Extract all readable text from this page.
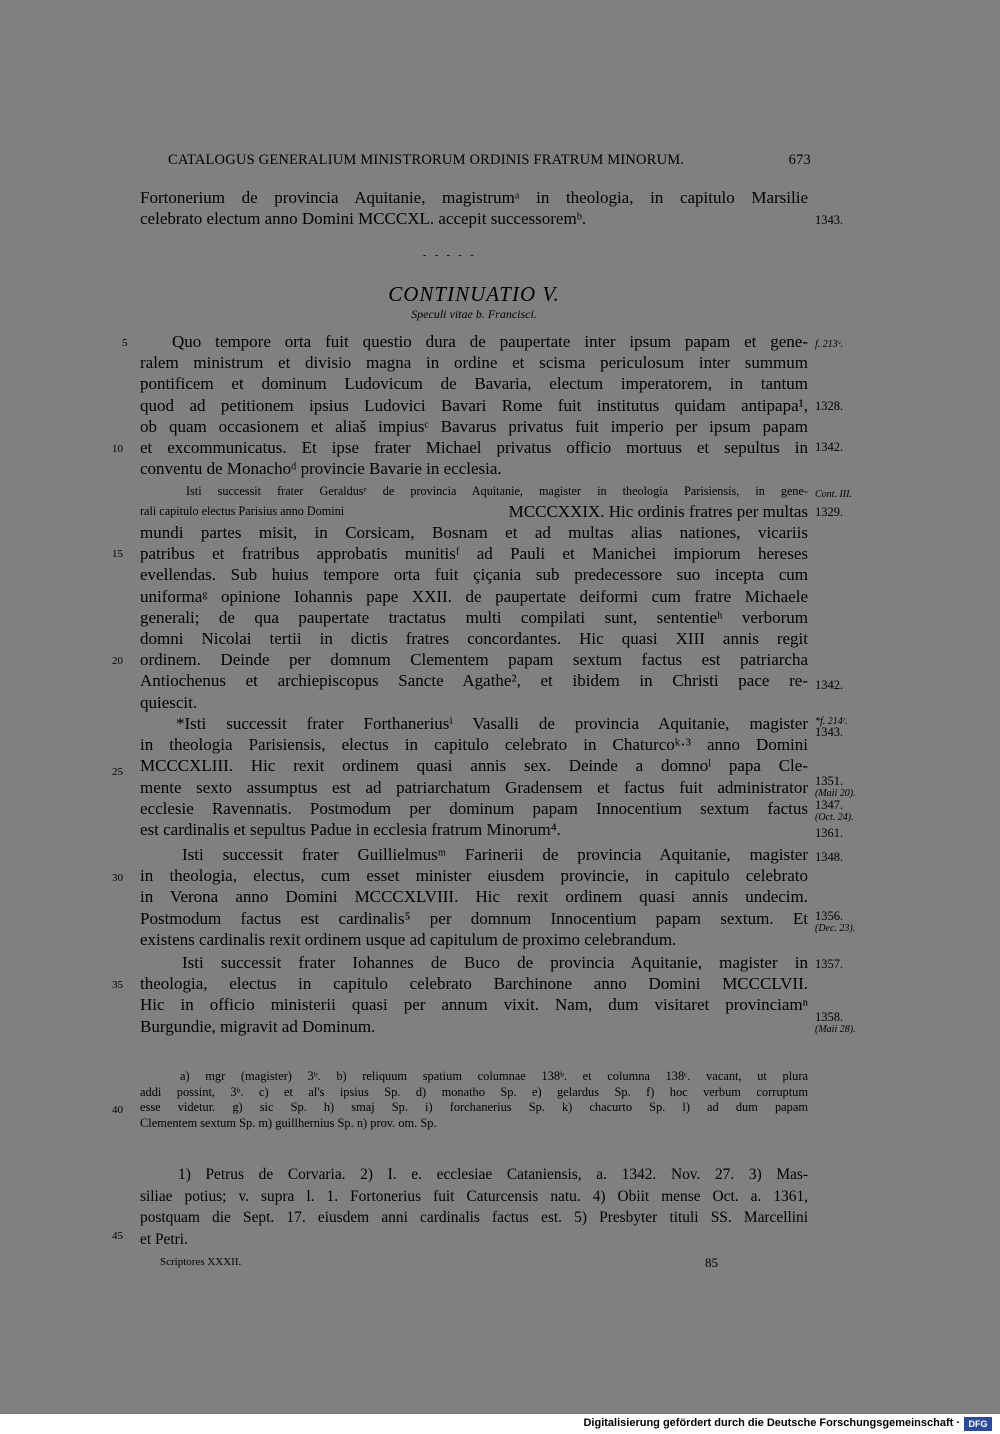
CATALOGUS GENERALIUM MINISTRORUM ORDINIS FRATRUM MINORUM.	673
Fortonerium de provincia Aquitanie, magistrumᵃ in theologia, in capitulo Marsilie
celebrato electum anno Domini MCCCXL. accepit successoremᵇ.	1343.
- - - - -
CONTINUATIO V.
Speculi vitae b. Francisci.
Quo tempore orta fuit questio dura de paupertate inter ipsum papam et gene-
ralem ministrum et divisio magna in ordine et scisma periculosum inter summum
pontificem et dominum Ludovicum de Bavaria, electum imperatorem, in tantum
quod ad petitionem ipsius Ludovici Bavari Rome fuit institutus quidam antipapa¹,
ob quam occasionem et aliaš impiusᶜ Bavarus privatus fuit imperio per ipsum papam
et excommunicatus. Et ipse frater Michael privatus officio mortuus et sepultus in
conventu de Monachoᵈ provincie Bavarie in ecclesia.
Isti successit frater Geraldusᵉ de provincia Aquitanie, magister in theologia Parisiensis, in gene-
rali capitulo electus Parisius anno Domini	MCCCXXIX. Hic ordinis fratres per multas
mundi partes misit, in Corsicam, Bosnam et ad multas alias nationes, vicariis
patribus et fratribus approbatis munitisᶠ ad Pauli et Manichei impiorum hereses
evellendas. Sub huius tempore orta fuit çiçania sub predecessore suo incepta cum
uniformaᵍ opinione Iohannis pape XXII. de paupertate deiformi cum fratre Michaele
generali; de qua paupertate tractatus multi compilati sunt, sententieʰ verborum
domni Nicolai tertii in dictis fratres concordantes. Hic quasi XIII annis regit
ordinem. Deinde per domnum Clementem papam sextum factus est patriarcha
Antiochenus et archiepiscopus Sancte Agathe², et ibidem in Christi pace re-
quiescit.
*Isti successit frater Forthaneriusⁱ Vasalli de provincia Aquitanie, magister
in theologia Parisiensis, electus in capitulo celebrato in Chaturcoᵏ·³ anno Domini
MCCCXLIII. Hic rexit ordinem quasi annis sex. Deinde a domnoˡ papa Cle-
mente sexto assumptus est ad patriarchatum Gradensem et factus fuit administrator
ecclesie Ravennatis. Postmodum per dominum papam Innocentium sextum factus
est cardinalis et sepultus Padue in ecclesia fratrum Minorum⁴.
Isti successit frater Guillielmusᵐ Farinerii de provincia Aquitanie, magister
in theologia, electus, cum esset minister eiusdem provincie, in capitulo celebrato
in Verona anno Domini MCCCXLVIII. Hic rexit ordinem quasi annis undecim.
Postmodum factus est cardinalis⁵ per domnum Innocentium papam sextum. Et
existens cardinalis rexit ordinem usque ad capitulum de proximo celebrandum.
Isti successit frater Iohannes de Buco de provincia Aquitanie, magister in
theologia, electus in capitulo celebrato Barchinone anno Domini MCCCLVII.
Hic in officio ministerii quasi per annum vixit. Nam, dum visitaret provinciamⁿ
Burgundie, migravit ad Dominum.
a) mgr (magister) 3ᵇ. b) reliquum spatium columnae 138ᵇ. et columna 138ᶜ. vacant, ut plura
addi possint, 3ᵇ. c) et al's ipsius Sp. d) monatho Sp. e) gelardus Sp. f) hoc verbum corruptum
esse videtur. g) sic Sp. h) smaj Sp. i) forchanerius Sp. k) chacurto Sp. l) ad dum papam
Clementem sextum Sp. m) guillhernius Sp. n) prov. om. Sp.
1) Petrus de Corvaria. 2) I. e. ecclesiae Cataniensis, a. 1342. Nov. 27. 3) Mas-
siliae potius; v. supra l. 1. Fortonerius fuit Caturcensis natu. 4) Obiit mense Oct. a. 1361,
postquam die Sept. 17. eiusdem anni cardinalis factus est. 5) Presbyter tituli SS. Marcellini
et Petri.
5
10
15
20
25
30
35
40
45
f. 213ᵛ.
1328.
1342.
Cont. III.
1329.
1342.
*f. 214ʳ.
1343.
1351.
(Maii 20).
1347.
(Oct. 24).
1361.
1348.
1356.
(Dec. 23).
1357.
1358.
(Maii 28).
Scriptores XXXII.	85
Digitalisierung gefördert durch die Deutsche Forschungsgemeinschaft · DFG
